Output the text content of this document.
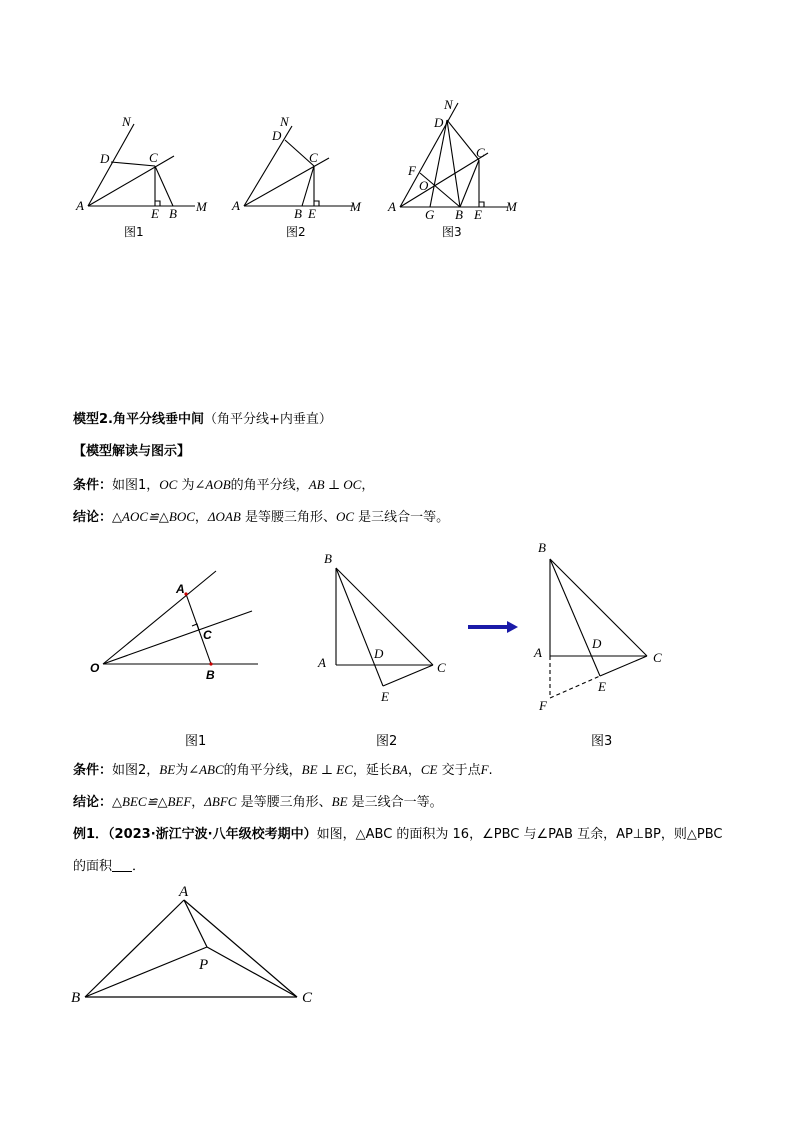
N
D	C
A
E B M
图1
N
D
C
A
B E	M
图2
N
D
C
F
O
A
G B E
M
图3
模型2.角平分线垂中间（角平分线+内垂直）
【模型解读与图示】
条件：如图1，OC 为∠AOB的角平分线，AB ⊥ OC，
结论：△AOC≌△BOC，ΔOAB 是等腰三角形、OC 是三线合一等。
A
C
O	B
B
A
D
C
E
B
A
D
C
E
F
图1	图2	图3
条件：如图2，BE为∠ABC的角平分线，BE ⊥ EC，延长BA，CE 交于点F.
结论：△BEC≌△BEF，ΔBFC 是等腰三角形、BE 是三线合一等。
例1．（2023·浙江宁波·八年级校考期中）如图，△ABC 的面积为 16，∠PBC 与∠PAB 互余，AP⊥BP，则△PBC
的面积 ．
A
P
B	C
